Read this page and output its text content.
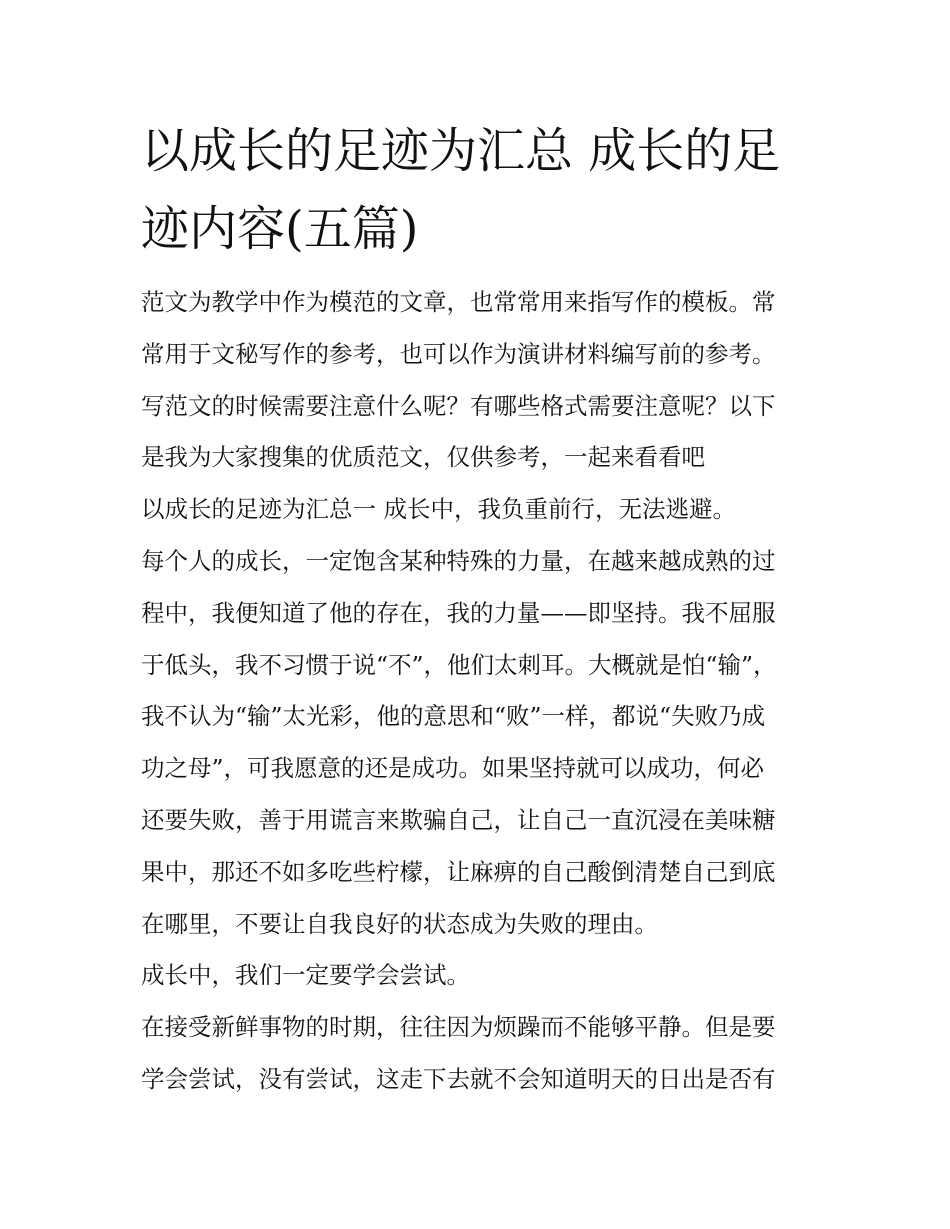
以成长的足迹为汇总 成长的足
迹内容(五篇)
范文为教学中作为模范的文章，也常常用来指写作的模板。常
常用于文秘写作的参考，也可以作为演讲材料编写前的参考。
写范文的时候需要注意什么呢？有哪些格式需要注意呢？以下
是我为大家搜集的优质范文，仅供参考，一起来看看吧
以成长的足迹为汇总一 成长中，我负重前行，无法逃避。
每个人的成长，一定饱含某种特殊的力量，在越来越成熟的过
程中，我便知道了他的存在，我的力量——即坚持。我不屈服
于低头，我不习惯于说“不”，他们太刺耳。大概就是怕“输”，
我不认为“输”太光彩，他的意思和“败”一样，都说“失败乃成
功之母”，可我愿意的还是成功。如果坚持就可以成功，何必
还要失败，善于用谎言来欺骗自己，让自己一直沉浸在美味糖
果中，那还不如多吃些柠檬，让麻痹的自己酸倒清楚自己到底
在哪里，不要让自我良好的状态成为失败的理由。
成长中，我们一定要学会尝试。
在接受新鲜事物的时期，往往因为烦躁而不能够平静。但是要
学会尝试，没有尝试，这走下去就不会知道明天的日出是否有
